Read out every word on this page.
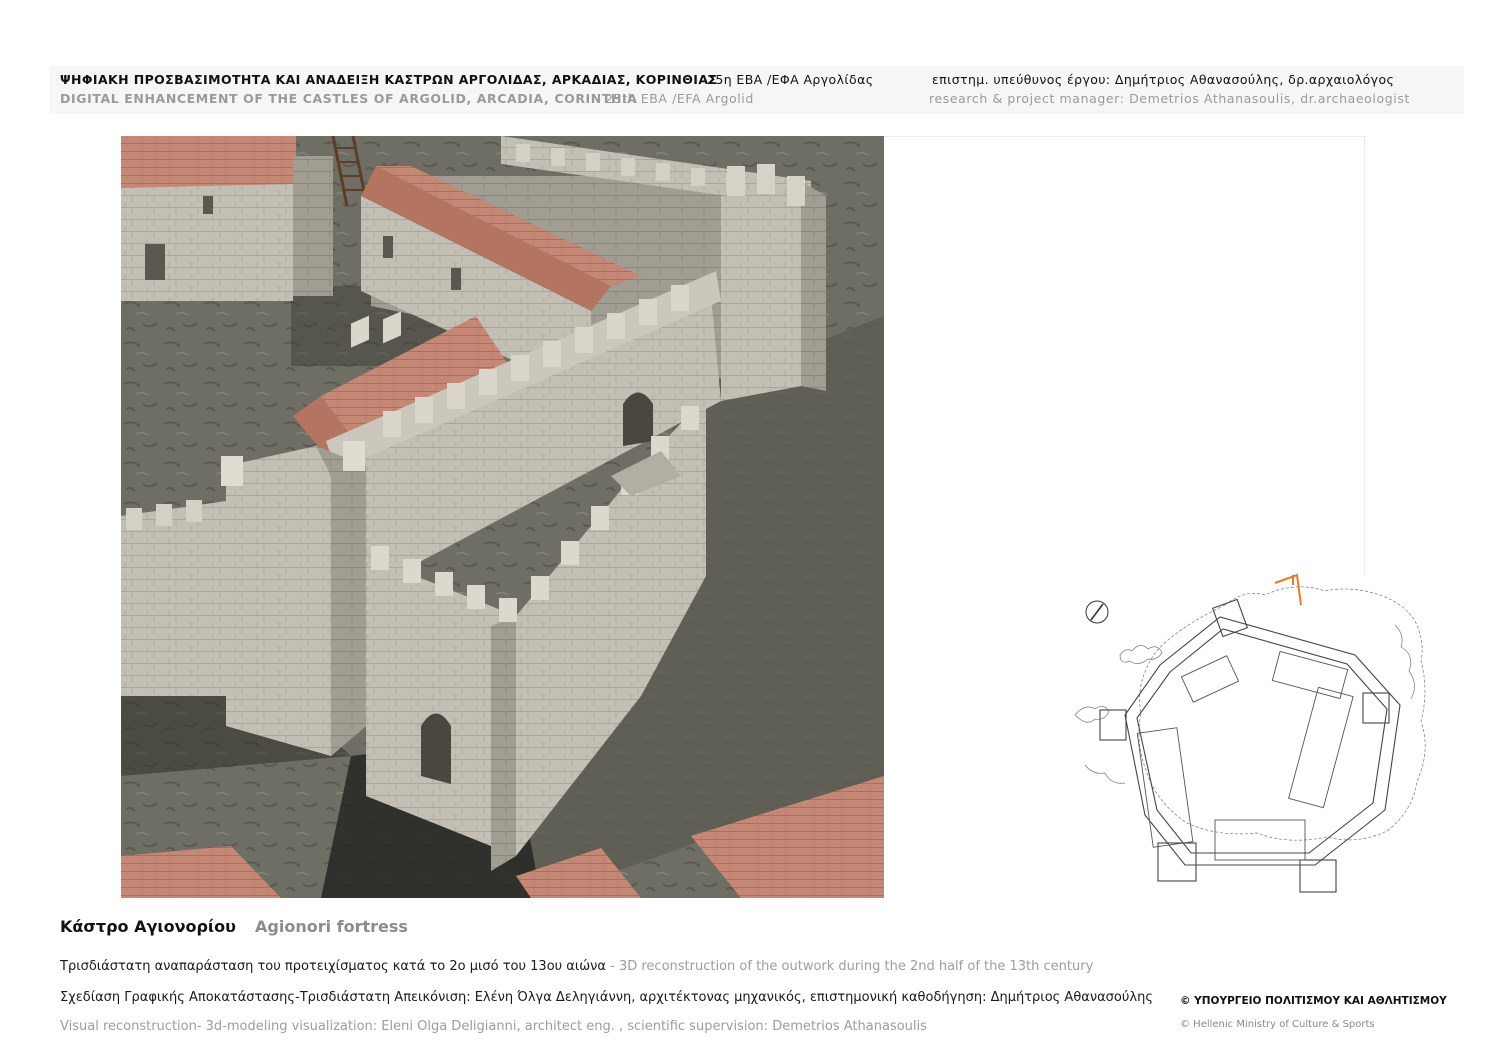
ΨΗΦΙΑΚΗ ΠΡΟΣΒΑΣΙΜΟΤΗΤΑ ΚΑΙ ΑΝΑΔΕΙΞΗ ΚΑΣΤΡΩΝ ΑΡΓΟΛΙΔΑΣ, ΑΡΚΑΔΙΑΣ, ΚΟΡΙΝΘΙΑΣ
25η ΕΒΑ /ΕΦΑ Αργολίδας	επιστημ. υπεύθυνος έργου: Δημήτριος Αθανασούλης, δρ.αρχαιολόγος
DIGITAL ENHANCEMENT OF THE CASTLES OF ARGOLID, ARCADIA, CORINTHIA
25th EBA /EFA Argolid	research & project manager: Demetrios Athanasoulis, dr.archaeologist
Κάστρο Αγιονορίου Agionori fortress
Τρισδιάστατη αναπαράσταση του προτειχίσματος κατά το 2ο μισό του 13ου αιώνα - 3D reconstruction of the outwork during the 2nd half of the 13th century
Σχεδίαση Γραφικής Αποκατάστασης-Τρισδιάστατη Απεικόνιση: Ελένη Όλγα Δεληγιάννη, αρχιτέκτονας μηχανικός, επιστημονική καθοδήγηση: Δημήτριος Αθανασούλης
Visual reconstruction- 3d-modeling visualization: Eleni Olga Deligianni, architect eng. , scientific supervision: Demetrios Athanasoulis
© ΥΠΟΥΡΓΕΙΟ ΠΟΛΙΤΙΣΜΟΥ ΚΑΙ ΑΘΛΗΤΙΣΜΟΥ
© Hellenic Ministry of Culture & Sports
